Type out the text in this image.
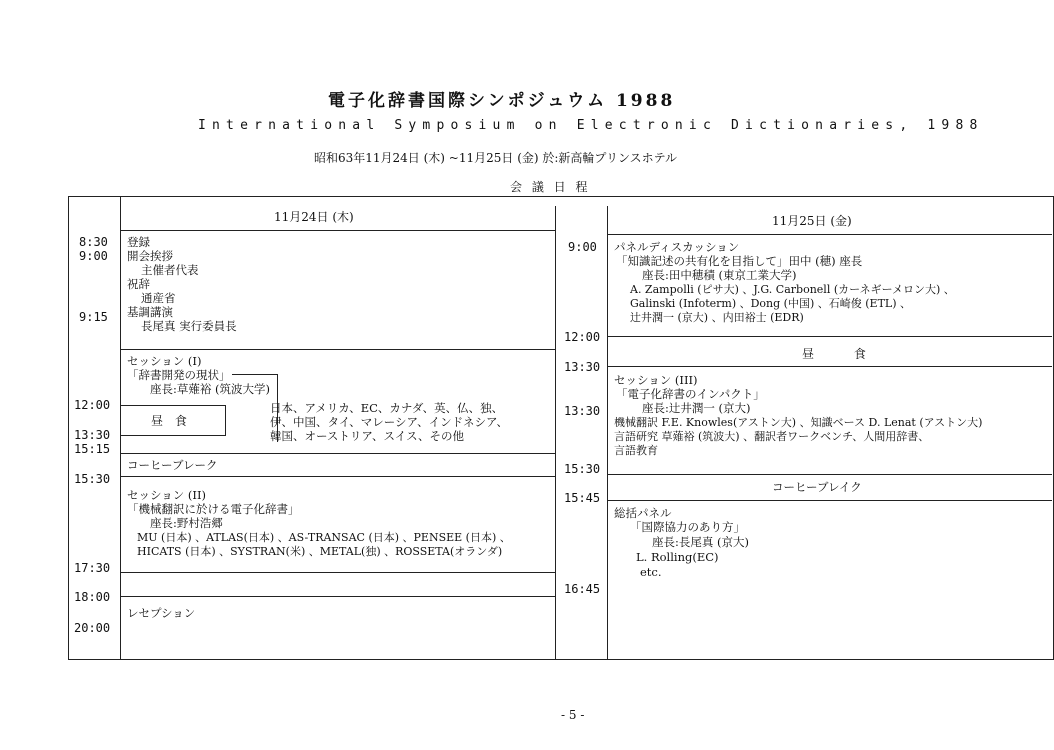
電子化辞書国際シンポジュウム 1988
International Symposium on Electronic Dictionaries, 1988
昭和63年11月24日 (木) ~11月25日 (金) 於:新高輪プリンスホテル
会 議 日 程
11月24日 (木)	11月25日 (金)
8:30
9:00
9:15
12:00
13:30
15:15
15:30
17:30
18:00
20:00
登録
開会挨拶
主催者代表
祝辞
通産省
基調講演
長尾真 実行委員長
セッション (I)
「辞書開発の現状」
座長:草薙裕 (筑波大学)
日本、アメリカ、EC、カナダ、英、仏、独、
伊、中国、タイ、マレーシア、インドネシア、
韓国、オーストリア、スイス、その他
昼 食
コーヒーブレーク
セッション (II)
「機械翻訳に於ける電子化辞書」
座長:野村浩郷
MU (日本) 、ATLAS(日本) 、AS-TRANSAC (日本) 、PENSEE (日本) 、
HICATS (日本) 、SYSTRAN(米) 、METAL(独) 、ROSSETA(オランダ)
レセプション
9:00
12:00
13:30
13:30
15:30
15:45
16:45
パネルディスカッション
「知識記述の共有化を目指して」田中 (穂) 座長
座長:田中穂積 (東京工業大学)
A. Zampolli (ピサ大) 、J.G. Carbonell (カーネギーメロン大) 、
Galinski (Infoterm) 、Dong (中国) 、石崎俊 (ETL) 、
辻井潤一 (京大) 、内田裕士 (EDR)
昼 食
セッション (III)
「電子化辞書のインパクト」
座長:辻井潤一 (京大)
機械翻訳 F.E. Knowles(アストン大) 、知識ベース D. Lenat (アストン大)
言語研究 草薙裕 (筑波大) 、翻訳者ワークベンチ、人間用辞書、
言語教育
コーヒーブレイク
総括パネル
「国際協力のあり方」
座長:長尾真 (京大)
L. Rolling(EC)
etc.
- 5 -
